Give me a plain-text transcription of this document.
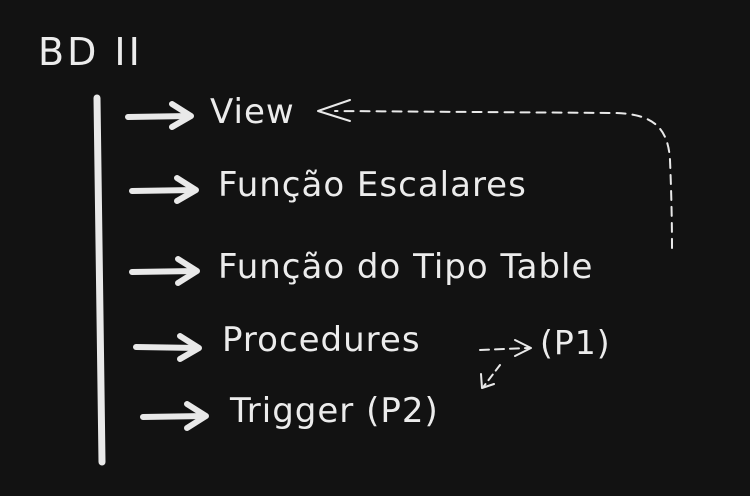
BD II
View
Função Escalares
Função do Tipo Table
Procedures
Trigger (P2)
(P1)
